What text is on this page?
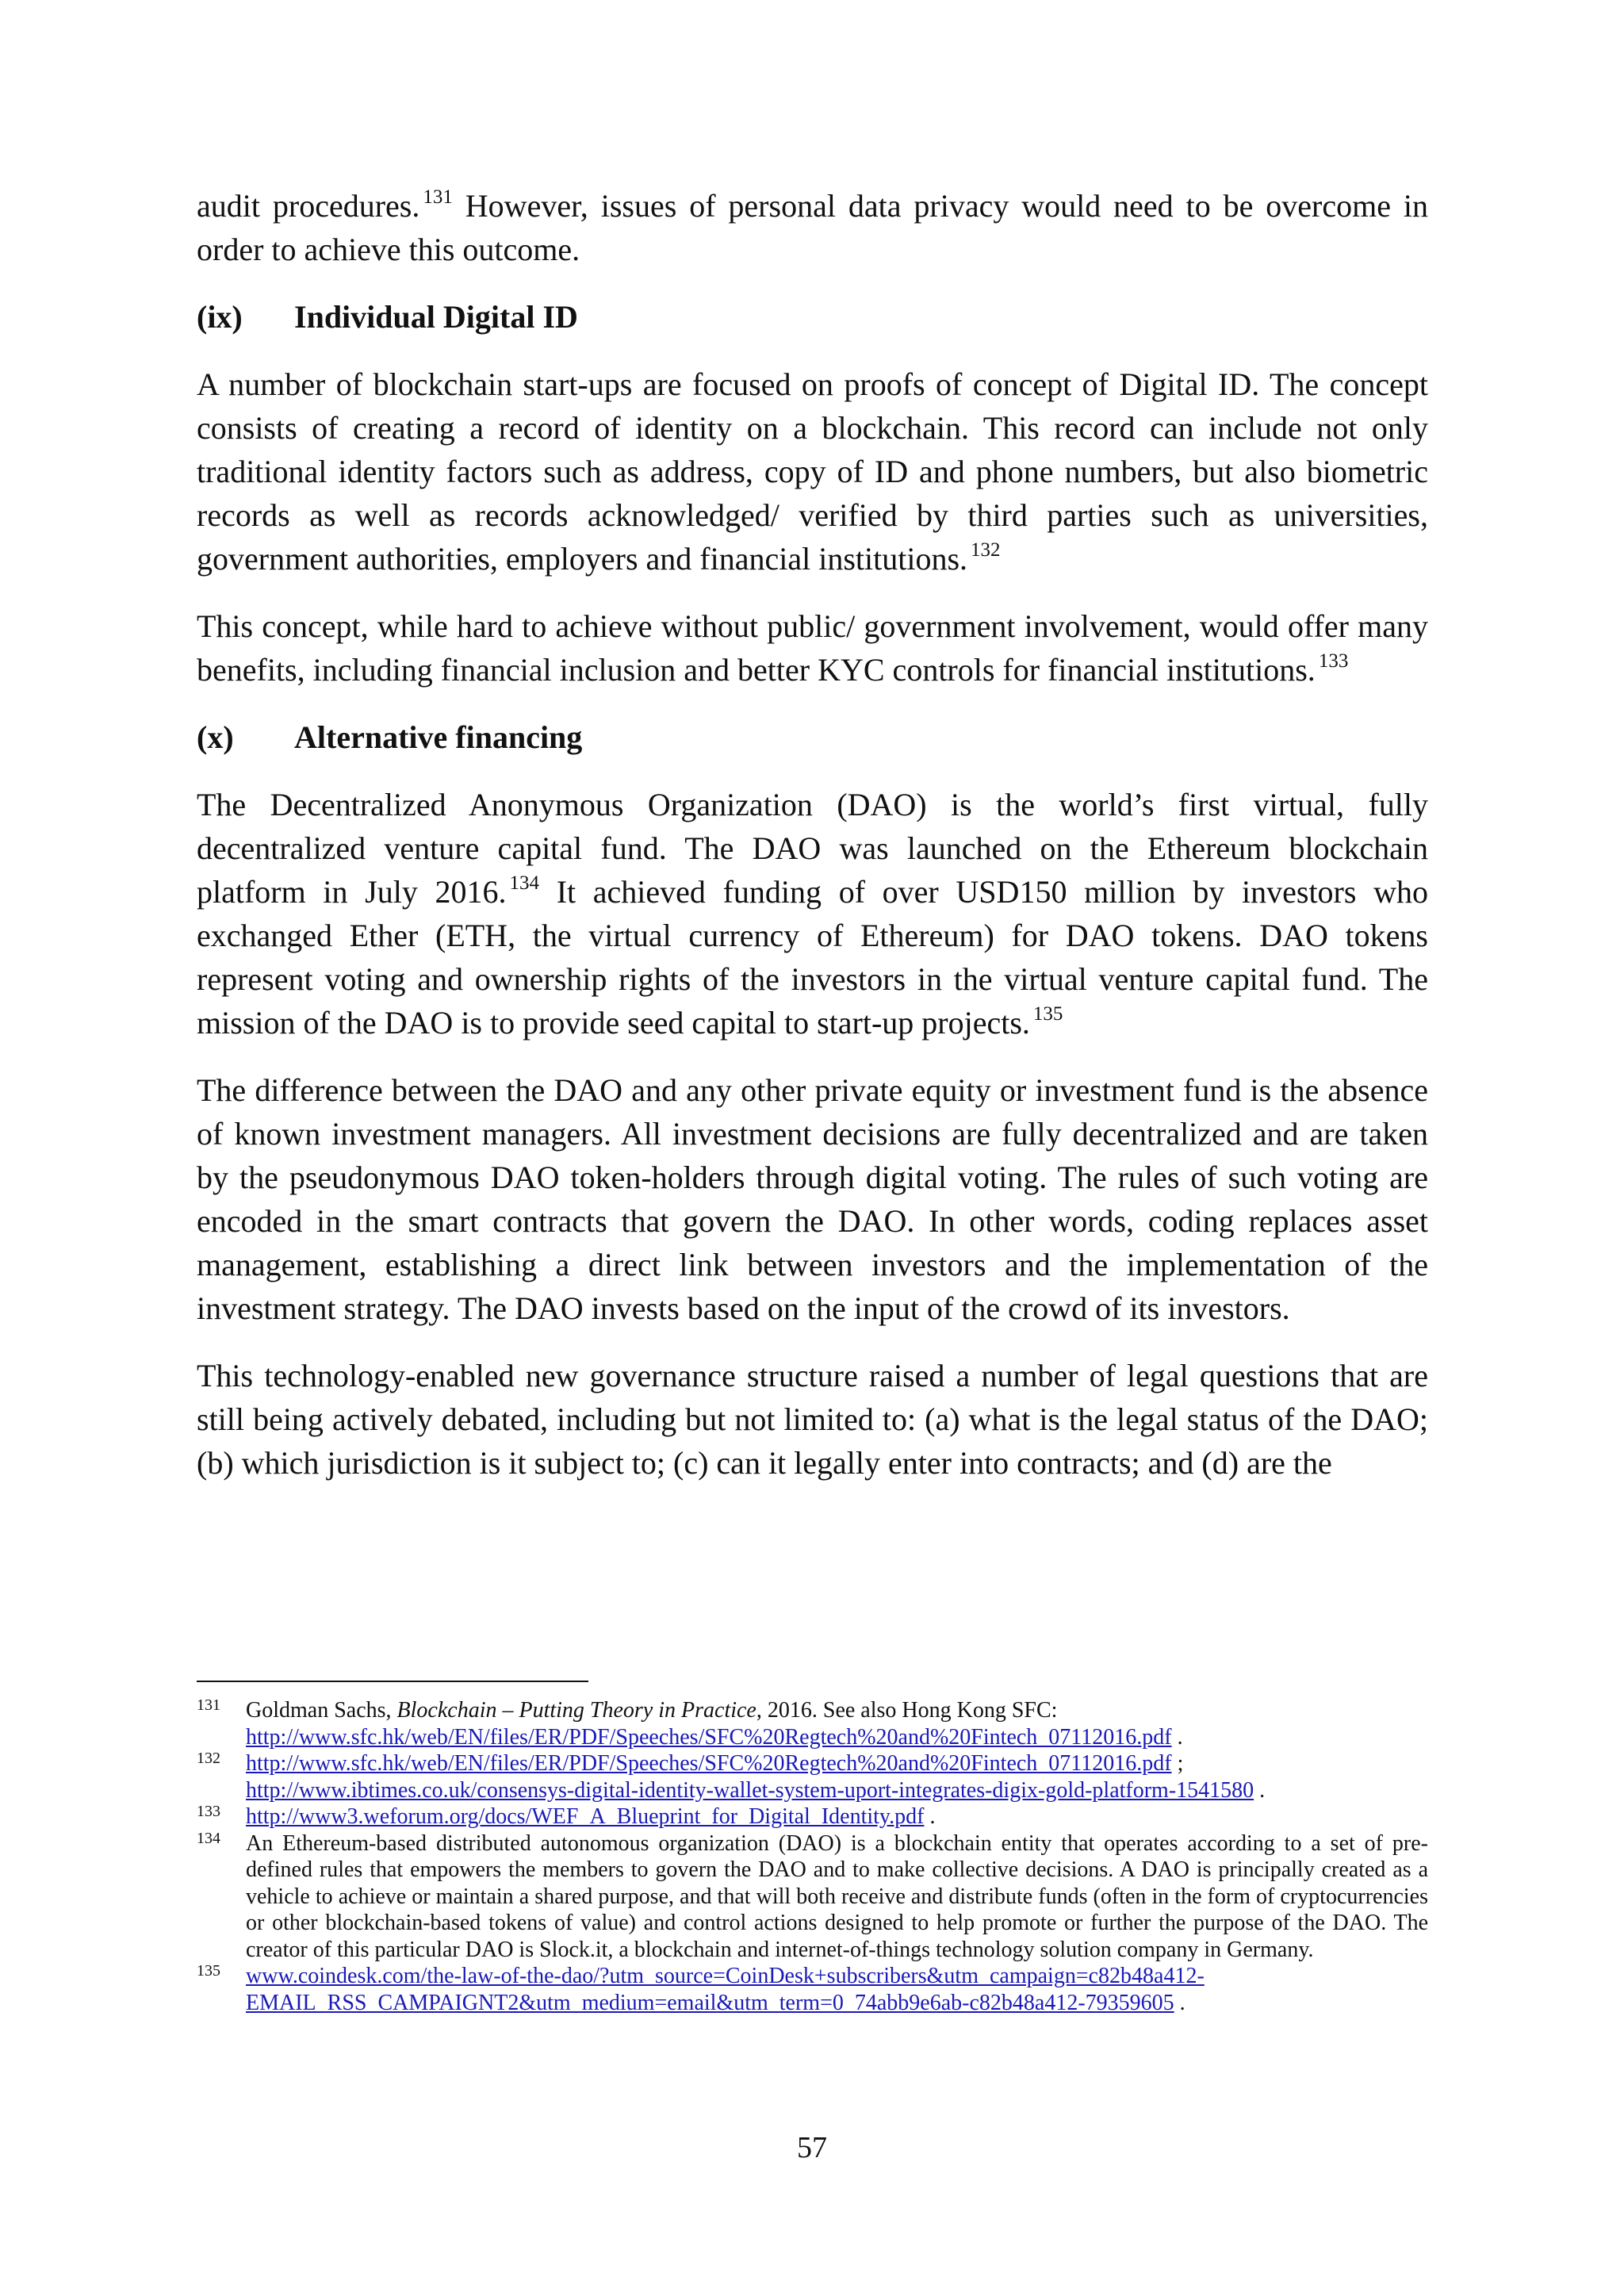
audit procedures. $^{131}$ However, issues of personal data privacy would need to be overcome in order to achieve this outcome.

(ix) Individual Digital ID

A number of blockchain start-ups are focused on proofs of concept of Digital ID. The concept consists of creating a record of identity on a blockchain. This record can include not only traditional identity factors such as address, copy of ID and phone numbers, but also biometric records as well as records acknowledged/ verified by third parties such as universities, government authorities, employers and financial institutions. $^{132}$

This concept, while hard to achieve without public/ government involvement, would offer many benefits, including financial inclusion and better KYC controls for financial institutions. $^{133}$

(x) Alternative financing

The Decentralized Anonymous Organization (DAO) is the world’s first virtual, fully decentralized venture capital fund. The DAO was launched on the Ethereum blockchain platform in July 2016. $^{134}$ It achieved funding of over USD150 million by investors who exchanged Ether (ETH, the virtual currency of Ethereum) for DAO tokens. DAO tokens represent voting and ownership rights of the investors in the virtual venture capital fund. The mission of the DAO is to provide seed capital to start-up projects. $^{135}$

The difference between the DAO and any other private equity or investment fund is the absence of known investment managers. All investment decisions are fully decentralized and are taken by the pseudonymous DAO token-holders through digital voting. The rules of such voting are encoded in the smart contracts that govern the DAO. In other words, coding replaces asset management, establishing a direct link between investors and the implementation of the investment strategy. The DAO invests based on the input of the crowd of its investors.

This technology-enabled new governance structure raised a number of legal questions that are still being actively debated, including but not limited to: (a) what is the legal status of the DAO; (b) which jurisdiction is it subject to; (c) can it legally enter into contracts; and (d) are the

131 Goldman Sachs, Blockchain – Putting Theory in Practice, 2016. See also Hong Kong SFC:
http://www.sfc.hk/web/EN/files/ER/PDF/Speeches/SFC%20Regtech%20and%20Fintech_07112016.pdf .
132 http://www.sfc.hk/web/EN/files/ER/PDF/Speeches/SFC%20Regtech%20and%20Fintech_07112016.pdf ;
http://www.ibtimes.co.uk/consensys-digital-identity-wallet-system-uport-integrates-digix-gold-platform-1541580 .
133 http://www3.weforum.org/docs/WEF_A_Blueprint_for_Digital_Identity.pdf .
134 An Ethereum-based distributed autonomous organization (DAO) is a blockchain entity that operates according to a set of pre-defined rules that empowers the members to govern the DAO and to make collective decisions. A DAO is principally created as a vehicle to achieve or maintain a shared purpose, and that will both receive and distribute funds (often in the form of cryptocurrencies or other blockchain-based tokens of value) and control actions designed to help promote or further the purpose of the DAO. The creator of this particular DAO is Slock.it, a blockchain and internet-of-things technology solution company in Germany.
135 www.coindesk.com/the-law-of-the-dao/?utm_source=CoinDesk+subscribers&utm_campaign=c82b48a412-
EMAIL_RSS_CAMPAIGNT2&utm_medium=email&utm_term=0_74abb9e6ab-c82b48a412-79359605 .
57
